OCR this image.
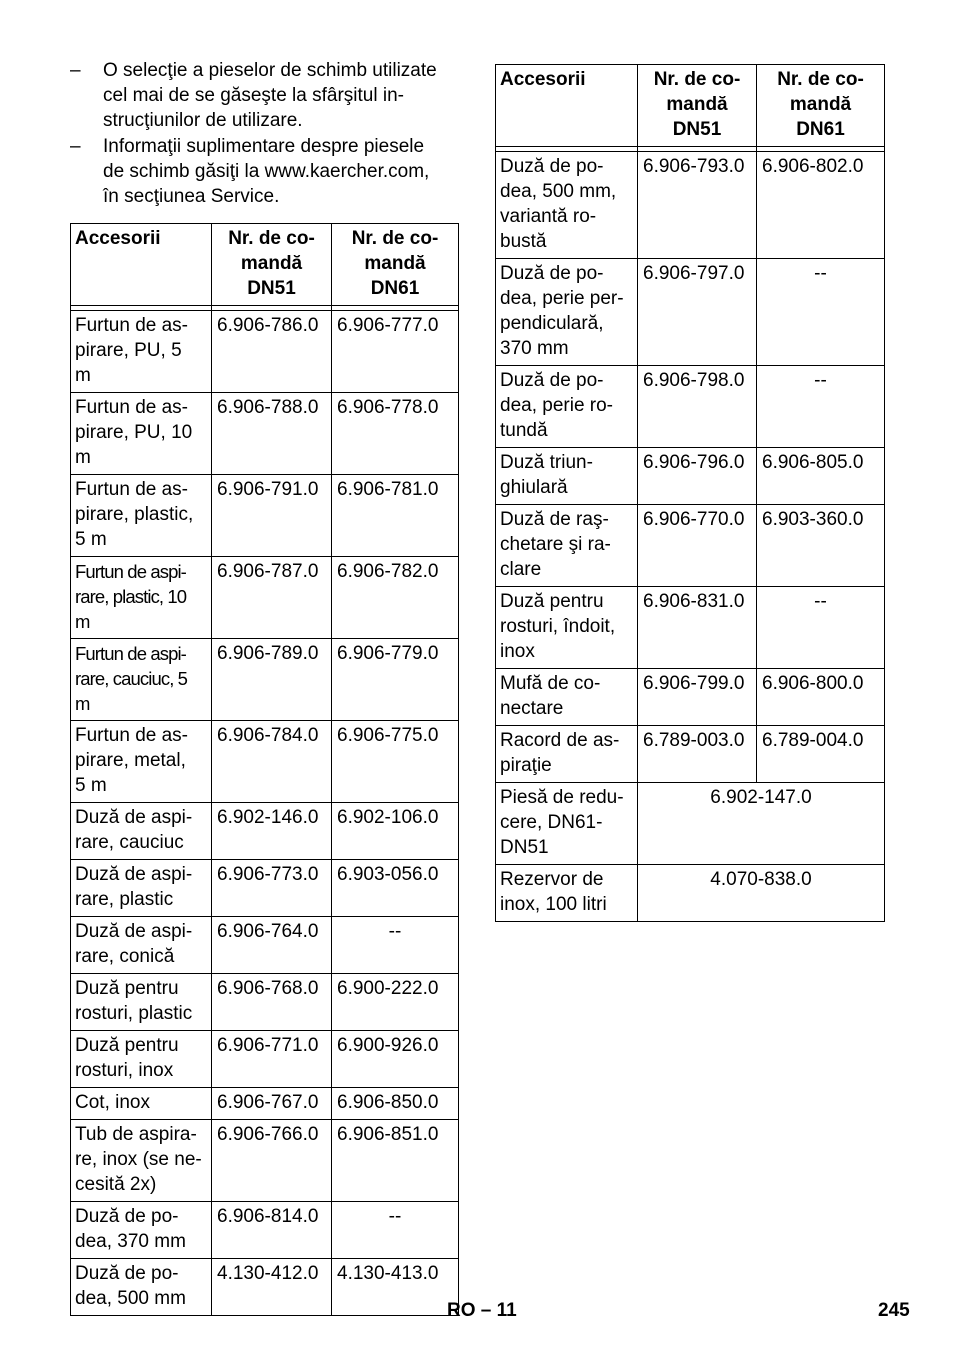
– O selecţie a pieselor de schimb utilizate
cel mai de se găseşte la sfârşitul in-
strucţiunilor de utilizare.
– Informaţii suplimentare despre piesele
de schimb găsiţi la www.kaercher.com,
în secţiunea Service.
Accesorii	Nr. de co-
mandă
DN51	Nr. de co-
mandă
DN61

Furtun de as-
pirare, PU, 5
m	6.906-786.0	6.906-777.0
Furtun de as-
pirare, PU, 10
m	6.906-788.0	6.906-778.0
Furtun de as-
pirare, plastic,
5 m	6.906-791.0	6.906-781.0
Furtun de aspi-
rare, plastic, 10
m	6.906-787.0	6.906-782.0
Furtun de aspi-
rare, cauciuc, 5
m	6.906-789.0	6.906-779.0
Furtun de as-
pirare, metal,
5 m	6.906-784.0	6.906-775.0
Duză de aspi-
rare, cauciuc	6.902-146.0	6.902-106.0
Duză de aspi-
rare, plastic	6.906-773.0	6.903-056.0
Duză de aspi-
rare, conică	6.906-764.0	--
Duză pentru
rosturi, plastic	6.906-768.0	6.900-222.0
Duză pentru
rosturi, inox	6.906-771.0	6.900-926.0
Cot, inox	6.906-767.0	6.906-850.0
Tub de aspira-
re, inox (se ne-
cesită 2x)	6.906-766.0	6.906-851.0
Duză de po-
dea, 370 mm	6.906-814.0	--
Duză de po-
dea, 500 mm	4.130-412.0	4.130-413.0
Accesorii	Nr. de co-
mandă
DN51	Nr. de co-
mandă
DN61

Duză de po-
dea, 500 mm,
variantă ro-
bustă	6.906-793.0	6.906-802.0
Duză de po-
dea, perie per-
pendiculară,
370 mm	6.906-797.0	--
Duză de po-
dea, perie ro-
tundă	6.906-798.0	--
Duză triun-
ghiulară	6.906-796.0	6.906-805.0
Duză de raş-
chetare şi ra-
clare	6.906-770.0	6.903-360.0
Duză pentru
rosturi, îndoit,
inox	6.906-831.0	--
Mufă de co-
nectare	6.906-799.0	6.906-800.0
Racord de as-
piraţie	6.789-003.0	6.789-004.0
Piesă de redu-
cere, DN61-
DN51	6.902-147.0	
Rezervor de
inox, 100 litri	4.070-838.0	
RO – 11	245
